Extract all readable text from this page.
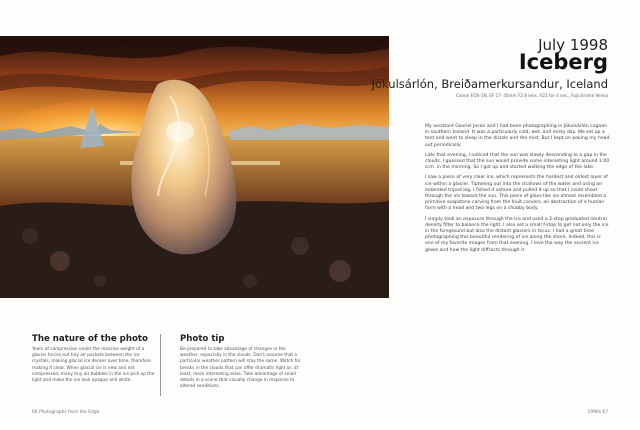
July 1998
Iceberg
Jökulsárlón, Breiðamerkursandur, Iceland
Canon EOS-1N, EF 17–35mm F2.8 lens, f/22 for 4 sec., Fujichrome Velvia

My assistant Gavriel Jecan and I had been photographing in Jökulsárlón Lagoon in southern Iceland. It was a particularly cold, wet, and misty day. We set up a tent and went to sleep in the drizzle and the mist. But I kept on poking my head out periodically.

Late that evening, I noticed that the sun was slowly descending to a gap in the clouds. I guessed that the sun would provide some interesting light around 1:00 a.m. in the morning. So I got up and started walking the edge of the lake.

I saw a piece of very clear ice, which represents the hardest and oldest layer of ice within a glacier. Tiptoeing out into the shallows of the water and using an extended tripod leg, I fished it ashore and pulled it up so that I could shoot through the ice toward the sun. This piece of glass-like ice almost resembled a primitive soapstone carving from the Inuit carvers, an abstraction of a human form with a head and two legs on a chubby body.

I simply took an exposure through the ice and used a 2-stop graduated neutral density filter to balance the light. I also set a small f-stop to get not only the ice in the foreground but also the distant glaciers in focus. I had a great time photographing this beautiful rendering of ice along the shore. Indeed, this is one of my favorite images from that evening. I love the way the ancient ice glows and how the light diffracts through it.

The nature of the photo
Years of compression under the massive weight of a glacier forces out tiny air pockets between the ice crystals, making glacial ice denser over time, therefore making it clear. When glacial ice is new and not compressed, many tiny air bubbles in the ice pick up the light and make the ice look opaque and white.
Photo tip
Be prepared to take advantage of changes in the weather, especially in the clouds. Don't assume that a particular weather pattern will stay the same. Watch for breaks in the clouds that can offer dramatic light or, at least, more interesting skies. Take advantage of small details in a scene that visually change in response to altered conditions.
66 Photographs from the Edge	1990s 67
